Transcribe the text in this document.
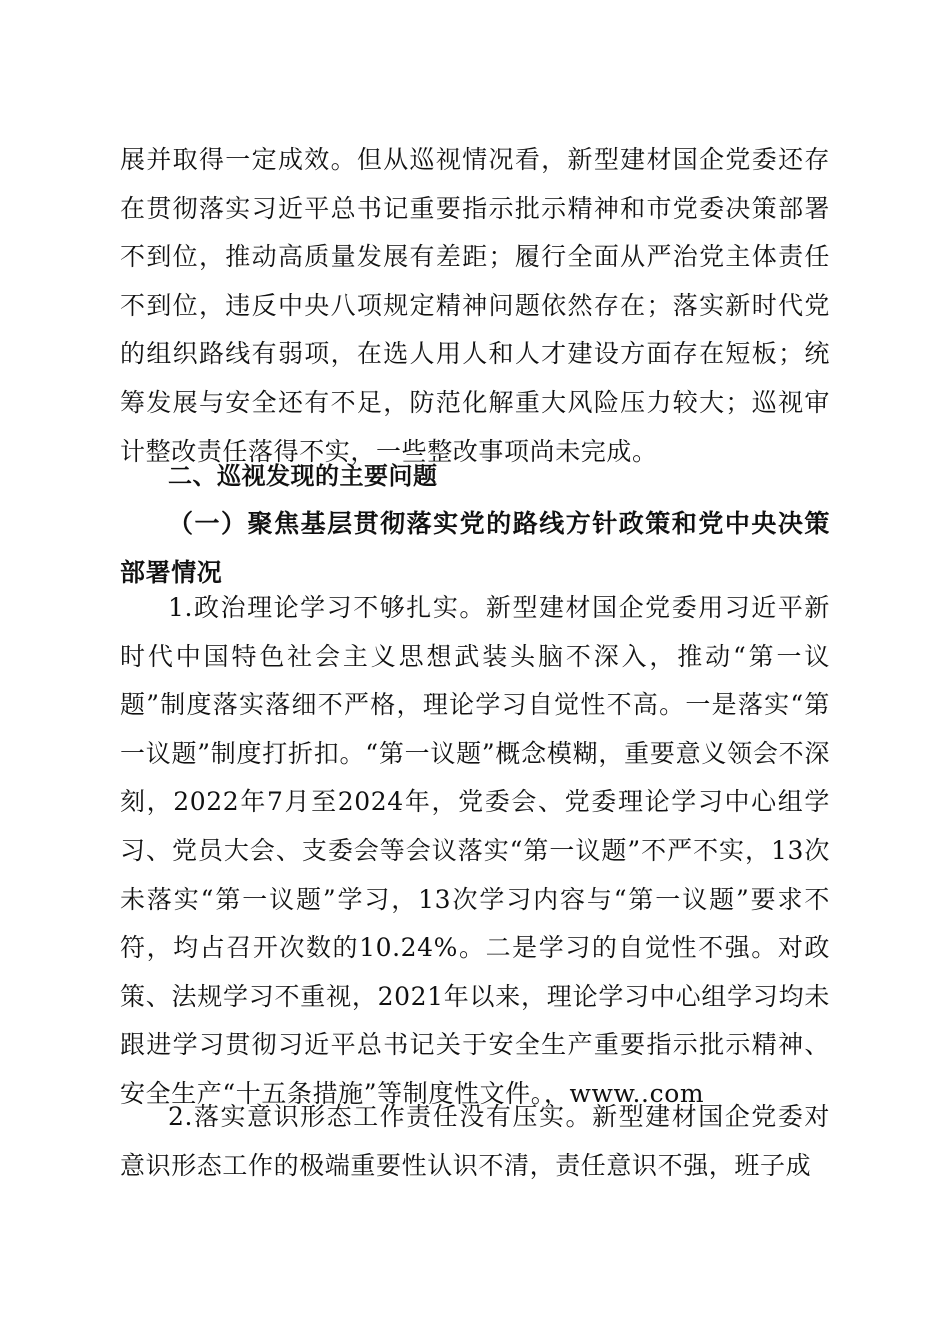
展并取得一定成效。但从巡视情况看，新型建材国企党委还存在贯彻落实习近平总书记重要指示批示精神和市党委决策部署不到位，推动高质量发展有差距；履行全面从严治党主体责任不到位，违反中央八项规定精神问题依然存在；落实新时代党的组织路线有弱项，在选人用人和人才建设方面存在短板；统筹发展与安全还有不足，防范化解重大风险压力较大；巡视审计整改责任落得不实，一些整改事项尚未完成。
二、巡视发现的主要问题
（一）聚焦基层贯彻落实党的路线方针政策和党中央决策部署情况
1.政治理论学习不够扎实。新型建材国企党委用习近平新时代中国特色社会主义思想武装头脑不深入，推动“第一议题”制度落实落细不严格，理论学习自觉性不高。一是落实“第一议题”制度打折扣。“第一议题”概念模糊，重要意义领会不深刻，2022年7月至2024年，党委会、党委理论学习中心组学习、党员大会、支委会等会议落实“第一议题”不严不实，13次未落实“第一议题”学习，13次学习内容与“第一议题”要求不符，均占召开次数的10.24%。二是学习的自觉性不强。对政策、法规学习不重视，2021年以来，理论学习中心组学习均未跟进学习贯彻习近平总书记关于安全生产重要指示批示精神、安全生产“十五条措施”等制度性文件。，www..com
2.落实意识形态工作责任没有压实。新型建材国企党委对意识形态工作的极端重要性认识不清，责任意识不强，班子成
